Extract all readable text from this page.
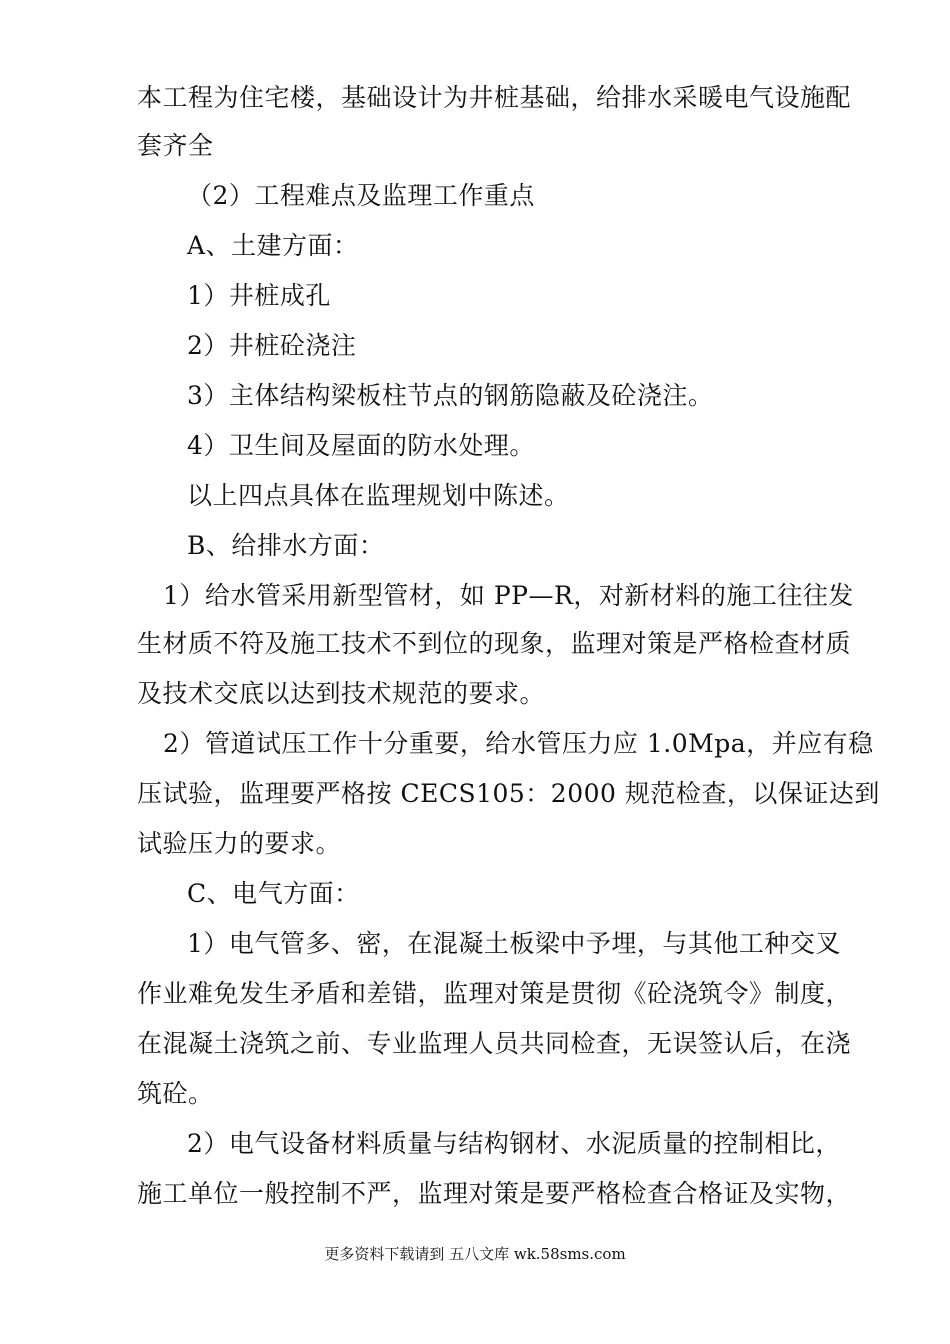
本工程为住宅楼，基础设计为井桩基础，给排水采暖电气设施配
套齐全
（2）工程难点及监理工作重点
A、土建方面：
1）井桩成孔
2）井桩砼浇注
3）主体结构梁板柱节点的钢筋隐蔽及砼浇注。
4）卫生间及屋面的防水处理。
以上四点具体在监理规划中陈述。
B、给排水方面：
1）给水管采用新型管材，如 PP—R，对新材料的施工往往发
生材质不符及施工技术不到位的现象，监理对策是严格检查材质
及技术交底以达到技术规范的要求。
2）管道试压工作十分重要，给水管压力应 1.0Mpa，并应有稳
压试验，监理要严格按 CECS105：2000 规范检查，以保证达到
试验压力的要求。
C、电气方面：
1）电气管多、密，在混凝土板梁中予埋，与其他工种交叉
作业难免发生矛盾和差错，监理对策是贯彻《砼浇筑令》制度，
在混凝土浇筑之前、专业监理人员共同检查，无误签认后，在浇
筑砼。
2）电气设备材料质量与结构钢材、水泥质量的控制相比，
施工单位一般控制不严，监理对策是要严格检查合格证及实物，
更多资料下载请到 五八文库 wk.58sms.com
